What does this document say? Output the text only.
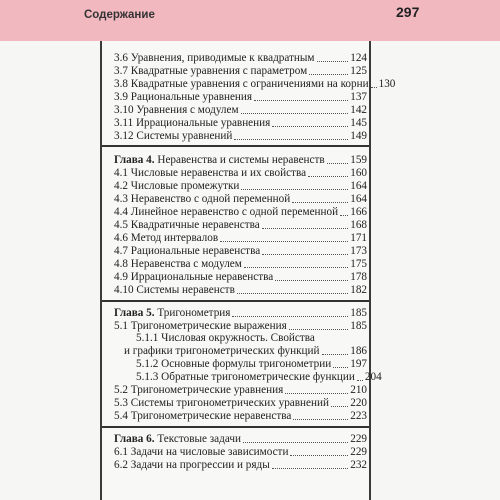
Содержание	297
3.6 Уравнения, приводимые к квадратным	124
3.7 Квадратные уравнения с параметром	125
3.8 Квадратные уравнения с ограничениями на корни 130
3.9 Рациональные уравнения	137
3.10 Уравнения с модулем	142
3.11 Иррациональные уравнения	145
3.12 Системы уравнений	149
Глава 4. Неравенства и системы неравенств 159
4.1 Числовые неравенства и их свойства	160
4.2 Числовые промежутки	164
4.3 Неравенство с одной переменной	164
4.4 Линейное неравенство с одной переменной 166
4.5 Квадратичные неравенства	168
4.6 Метод интервалов	171
4.7 Рациональные неравенства	173
4.8 Неравенства с модулем	175
4.9 Иррациональные неравенства	178
4.10 Системы неравенств	182
Глава 5. Тригонометрия	185
5.1 Тригонометрические выражения	185
5.1.1 Числовая окружность. Свойства
и графики тригонометрических функций	186
5.1.2 Основные формулы тригонометрии 197
5.1.3 Обратные тригонометрические функции 204
5.2 Тригонометрические уравнения	210
5.3 Системы тригонометрических уравнений 220
5.4 Тригонометрические неравенства	223
Глава 6. Текстовые задачи	229
6.1 Задачи на числовые зависимости	229
6.2 Задачи на прогрессии и ряды	232
